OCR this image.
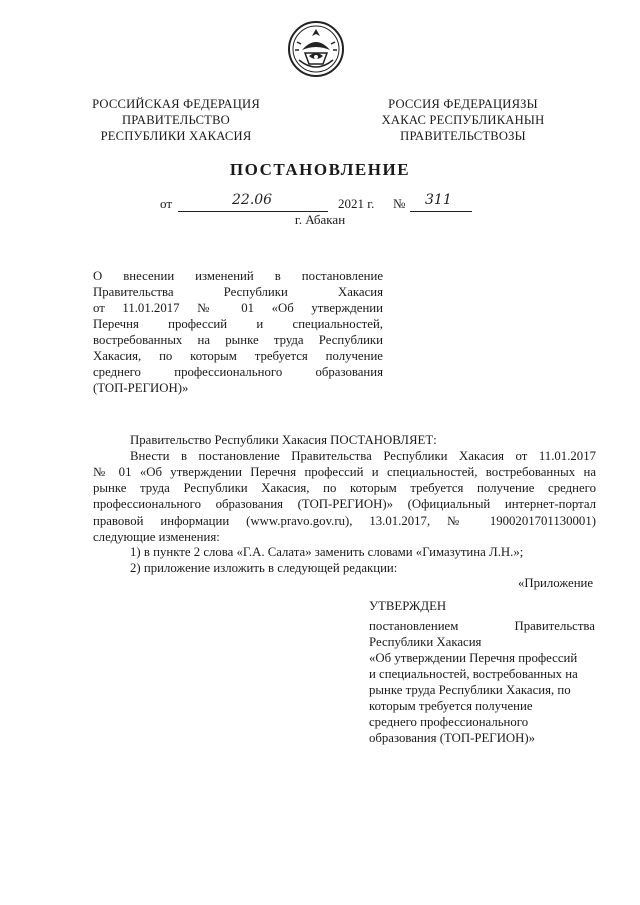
РОССИЙСКАЯ ФЕДЕРАЦИЯ
ПРАВИТЕЛЬСТВО
РЕСПУБЛИКИ ХАКАСИЯ
РОССИЯ ФЕДЕРАЦИЯЗЫ
ХАКАС РЕСПУБЛИКАНЫН
ПРАВИТЕЛЬСТВОЗЫ
ПОСТАНОВЛЕНИЕ
от	22.06	2021 г. № 311
г. Абакан
О внесении изменений в постановление
Правительства Республики Хакасия
от 11.01.2017 № 01 «Об утверждении
Перечня профессий и специальностей,
востребованных на рынке труда Республики
Хакасия, по которым требуется получение
среднего профессионального образования
(ТОП-РЕГИОН)»
Правительство Республики Хакасия ПОСТАНОВЛЯЕТ:
Внести в постановление Правительства Республики Хакасия от 11.01.2017
№ 01 «Об утверждении Перечня профессий и специальностей, востребованных на
рынке труда Республики Хакасия, по которым требуется получение среднего
профессионального образования (ТОП-РЕГИОН)» (Официальный интернет-портал
правовой информации (www.pravo.gov.ru), 13.01.2017, № 1900201701130001)
следующие изменения:
1) в пункте 2 слова «Г.А. Салата» заменить словами «Гимазутина Л.Н.»;
2) приложение изложить в следующей редакции:
«Приложение
УТВЕРЖДЕН
постановлением Правительства
Республики Хакасия
«Об утверждении Перечня профессий
и специальностей, востребованных на
рынке труда Республики Хакасия, по
которым требуется получение
среднего профессионального
образования (ТОП-РЕГИОН)»
